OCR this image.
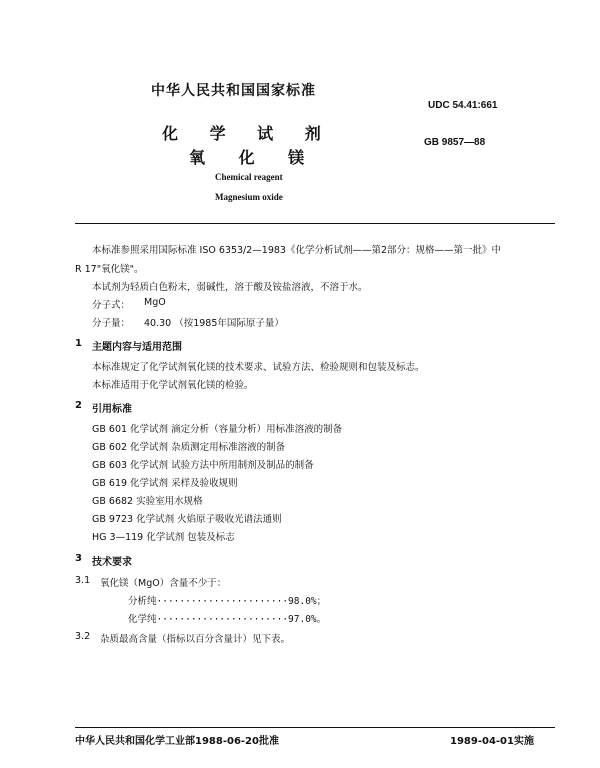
中华人民共和国国家标准
UDC 54.41:661
化 学 试 剂	GB 9857—88
氧 化 镁
Chemical reagent
Magnesium oxide
本标准参照采用国际标准 ISO 6353/2—1983《化学分析试剂——第2部分：规格——第一批》中
R 17"氧化镁"。
本试剂为轻质白色粉末，弱碱性，溶于酸及铵盐溶液，不溶于水。
分子式： MgO
分子量： 40.30 （按1985年国际原子量）
1 主题内容与适用范围
本标准规定了化学试剂氧化镁的技术要求、试验方法、检验规则和包装及标志。
本标准适用于化学试剂氧化镁的检验。
2 引用标准
GB 601 化学试剂 滴定分析（容量分析）用标准溶液的制备
GB 602 化学试剂 杂质测定用标准溶液的制备
GB 603 化学试剂 试验方法中所用制剂及制品的制备
GB 619 化学试剂 采样及验收规则
GB 6682 实验室用水规格
GB 9723 化学试剂 火焰原子吸收光谱法通则
HG 3—119 化学试剂 包装及标志
3 技术要求
3.1 氧化镁（MgO）含量不少于：
分析纯·······················98.0%；
化学纯·······················97.0%。
3.2 杂质最高含量（指标以百分含量计）见下表。
中华人民共和国化学工业部1988-06-20批准	1989-04-01实施
